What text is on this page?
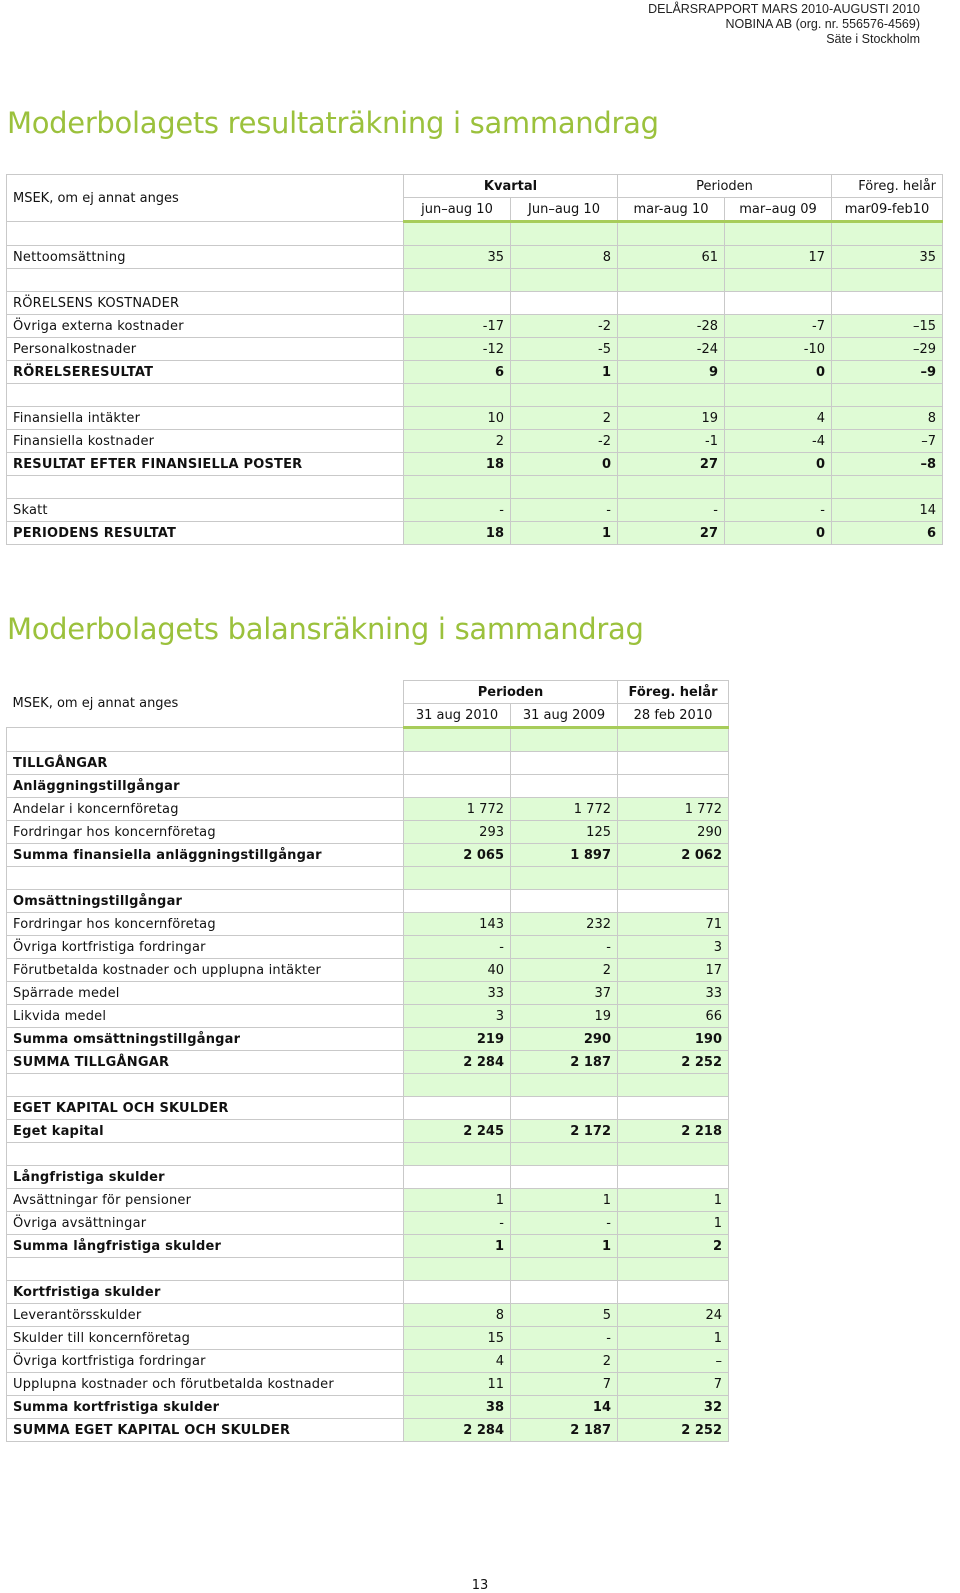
DELÅRSRAPPORT MARS 2010-AUGUSTI 2010
NOBINA AB (org. nr. 556576-4569)
Säte i Stockholm
Moderbolagets resultaträkning i sammandrag
MSEK, om ej annat anges	Kvartal		Perioden		Föreg. helår
	jun–aug 10	Jun–aug 10	mar-aug 10	mar–aug 09	mar09-feb10

Nettoomsättning	35	8	61	17	35

RÖRELSENS KOSTNADER					
Övriga externa kostnader	-17	-2	-28	-7	–15
Personalkostnader	-12	-5	-24	-10	–29
RÖRELSERESULTAT	6	1	9	0	–9

Finansiella intäkter	10	2	19	4	8
Finansiella kostnader	2	-2	-1	-4	–7
RESULTAT EFTER FINANSIELLA POSTER	18	0	27	0	–8

Skatt	-	-	-	-	14
PERIODENS RESULTAT	18	1	27	0	6
Moderbolagets balansräkning i sammandrag
MSEK, om ej annat anges	Perioden		Föreg. helår
	31 aug 2010	31 aug 2009	28 feb 2010

TILLGÅNGAR			
Anläggningstillgångar			
Andelar i koncernföretag	1 772	1 772	1 772
Fordringar hos koncernföretag	293	125	290
Summa finansiella anläggningstillgångar	2 065	1 897	2 062

Omsättningstillgångar			
Fordringar hos koncernföretag	143	232	71
Övriga kortfristiga fordringar	-	-	3
Förutbetalda kostnader och upplupna intäkter	40	2	17
Spärrade medel	33	37	33
Likvida medel	3	19	66
Summa omsättningstillgångar	219	290	190
SUMMA TILLGÅNGAR	2 284	2 187	2 252

EGET KAPITAL OCH SKULDER			
Eget kapital	2 245	2 172	2 218

Långfristiga skulder			
Avsättningar för pensioner	1	1	1
Övriga avsättningar	-	-	1
Summa långfristiga skulder	1	1	2

Kortfristiga skulder			
Leverantörsskulder	8	5	24
Skulder till koncernföretag	15	-	1
Övriga kortfristiga fordringar	4	2	–
Upplupna kostnader och förutbetalda kostnader	11	7	7
Summa kortfristiga skulder	38	14	32
SUMMA EGET KAPITAL OCH SKULDER	2 284	2 187	2 252
13
